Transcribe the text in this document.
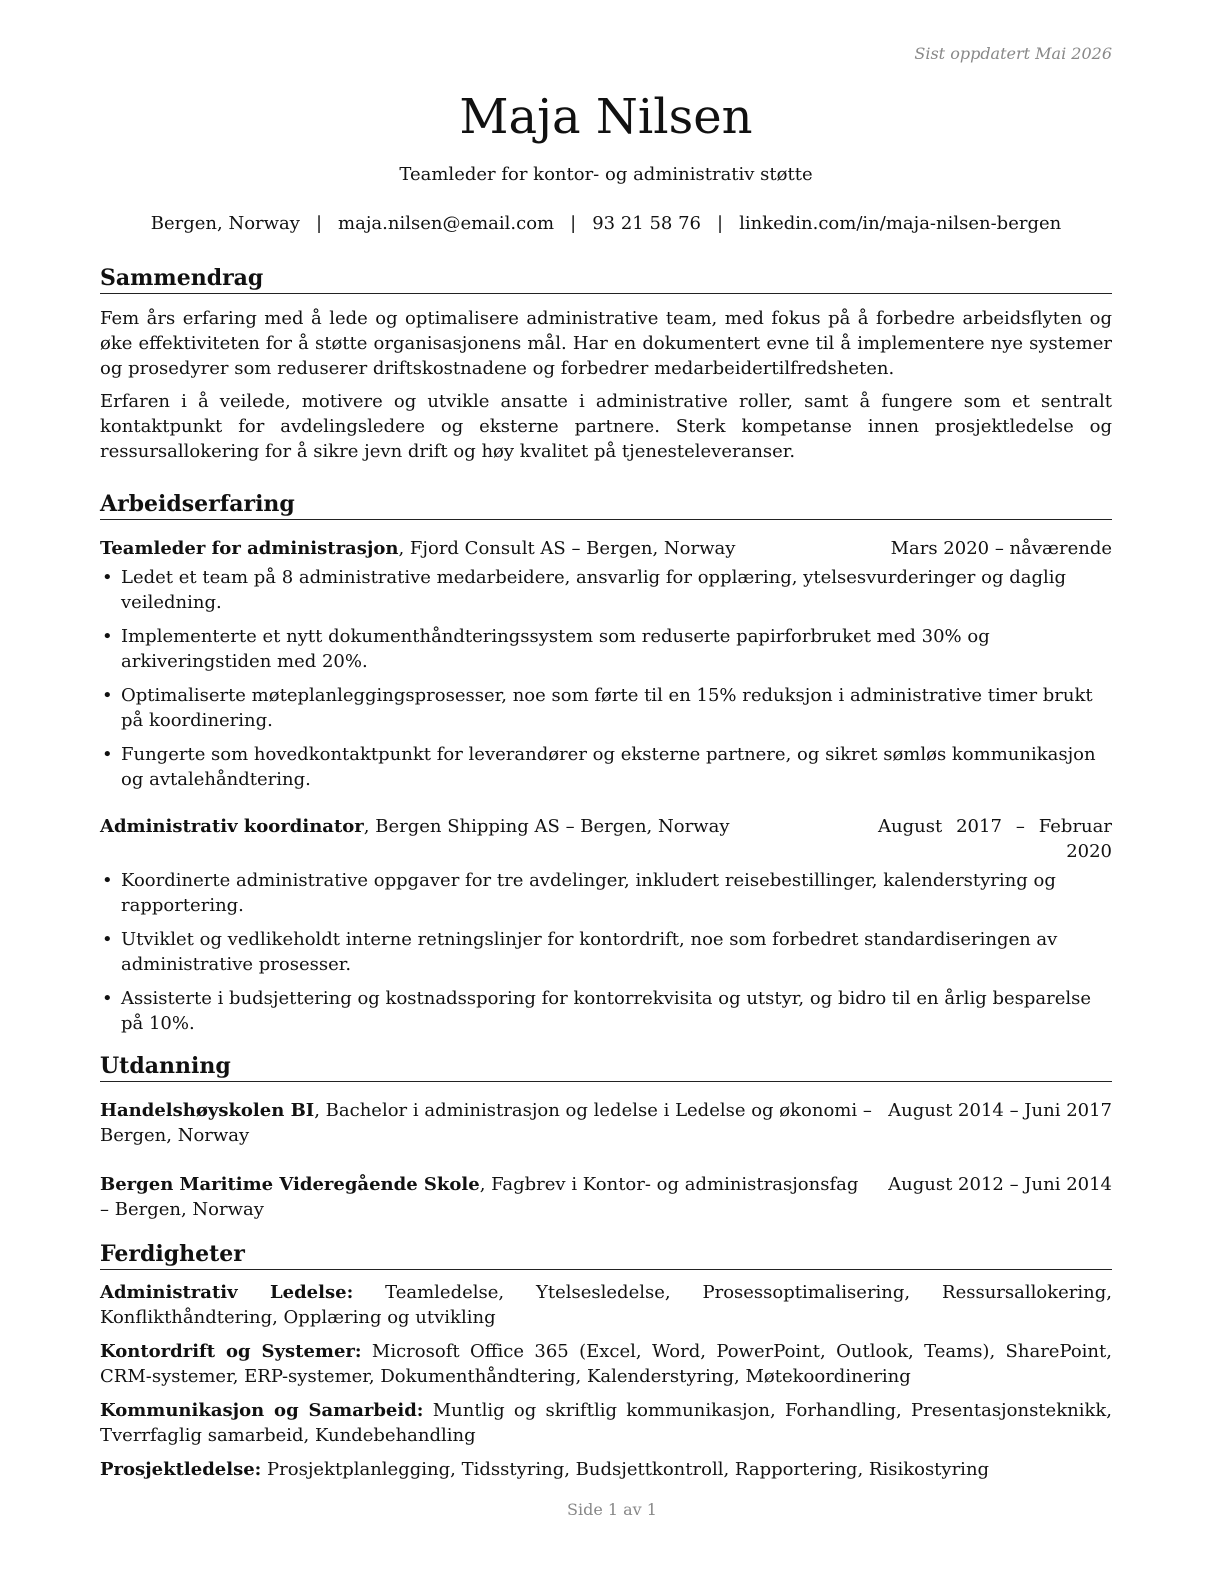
Sist oppdatert Mai 2026
Maja Nilsen
Teamleder for kontor- og administrativ støtte
Bergen, Norway | maja.nilsen@email.com | 93 21 58 76 | linkedin.com/in/maja-nilsen-bergen
Sammendrag

Fem års erfaring med å lede og optimalisere administrative team, med fokus på å forbedre arbeidsflyten og øke effektiviteten for å støtte organisasjonens mål. Har en dokumentert evne til å implementere nye systemer og prosedyrer som reduserer driftskostnadene og forbedrer medarbeidertilfredsheten.

Erfaren i å veilede, motivere og utvikle ansatte i administrative roller, samt å fungere som et sentralt kontaktpunkt for avdelingsledere og eksterne partnere. Sterk kompetanse innen prosjektledelse og ressursallokering for å sikre jevn drift og høy kvalitet på tjenesteleveranser.

Arbeidserfaring
Teamleder for administrasjon, Fjord Consult AS – Bergen, Norway	Mars 2020 – nåværende
• Ledet et team på 8 administrative medarbeidere, ansvarlig for opplæring, ytelsesvurderinger og daglig veiledning.
• Implementerte et nytt dokumenthåndteringssystem som reduserte papirforbruket med 30% og arkiveringstiden med 20%.
• Optimaliserte møteplanleggingsprosesser, noe som førte til en 15% reduksjon i administrative timer brukt på koordinering.
• Fungerte som hovedkontaktpunkt for leverandører og eksterne partnere, og sikret sømløs kommunikasjon og avtalehåndtering.
Administrativ koordinator, Bergen Shipping AS – Bergen, Norway	August 2017 – Februar 2020
• Koordinerte administrative oppgaver for tre avdelinger, inkludert reisebestillinger, kalenderstyring og rapportering.
• Utviklet og vedlikeholdt interne retningslinjer for kontordrift, noe som forbedret standardiseringen av administrative prosesser.
• Assisterte i budsjettering og kostnadssporing for kontorrekvisita og utstyr, og bidro til en årlig besparelse på 10%.
Utdanning
Handelshøyskolen BI, Bachelor i administrasjon og ledelse i Ledelse og økonomi – Bergen, Norway
August 2014 – Juni 2017
Bergen Maritime Videregående Skole, Fagbrev i Kontor- og administrasjonsfag – Bergen, Norway
August 2012 – Juni 2014
Ferdigheter
Administrativ Ledelse: Teamledelse, Ytelsesledelse, Prosessoptimalisering, Ressursallokering, Konflikthåndtering, Opplæring og utvikling
Kontordrift og Systemer: Microsoft Office 365 (Excel, Word, PowerPoint, Outlook, Teams), SharePoint, CRM-systemer, ERP-systemer, Dokumenthåndtering, Kalenderstyring, Møtekoordinering
Kommunikasjon og Samarbeid: Muntlig og skriftlig kommunikasjon, Forhandling, Presentasjonsteknikk, Tverrfaglig samarbeid, Kundebehandling
Prosjektledelse: Prosjektplanlegging, Tidsstyring, Budsjettkontroll, Rapportering, Risikostyring
Side 1 av 1
